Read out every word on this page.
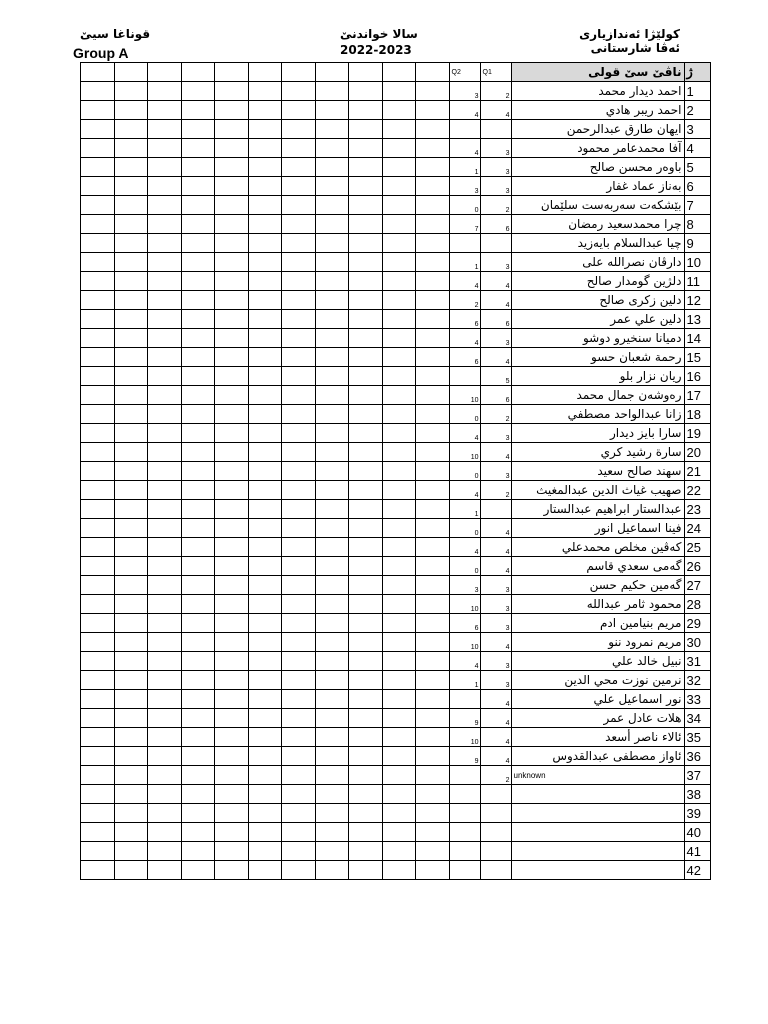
كولێژا ئەندازیاری
ئەڤا شارستانی
سالا خواندنێ
2022-2023
قوناغا سیێ
Group A
											Q2	Q1	ناڤێ سێ قولی	ژ
											3	2	احمد دیدار محمد	1
											4	4	احمد ریبر هادي	2
													ایهان طارق عبدالرحمن	3
											4	3	آفا محمدعامر محمود	4
											1	3	باوەر محسن صالح	5
											3	3	بەناز عماد غفار	6
											0	2	بێشکەت سەربەست سلێمان	7
											7	6	چرا محمدسعید رمضان	8
													چیا عبدالسلام بایەزید	9
											1	3	دارڤان نصرالله علی	10
											4	4	دلژین گومدار صالح	11
											2	4	دلین زکری صالح	12
											6	6	دلین علي عمر	13
											4	3	دمیانا سنخیرو دوشو	14
											6	4	رحمة شعبان حسو	15
												5	ریان نزار بلو	16
											10	6	رەوشەن جمال محمد	17
											0	2	زانا عبدالواحد مصطفي	18
											4	3	سارا بایز دیدار	19
											10	4	سارة رشید كري	20
											0	3	سهند صالح سعید	21
											4	2	صهیب غیاث الدین عبدالمغیث	22
											1		عبدالستار ابراهیم عبدالستار	23
											0	4	فینا اسماعیل انور	24
											4	4	کەڤین مخلص محمدعلي	25
											0	4	گەمی سعدي قاسم	26
											3	3	گەمین حكیم حسن	27
											10	3	محمود ثامر عبدالله	28
											6	3	مریم بنیامین ادم	29
											10	4	مریم نمرود ننو	30
											4	3	نبیل خالد علي	31
											1	3	نرمین نوزت محي الدین	32
												4	نور اسماعیل علي	33
											9	4	هلات عادل عمر	34
											10	4	ئالاء ناصر أسعد	35
											9	4	ئاواز مصطفى عبدالقدوس	36
												2	unknown	37
														38
														39
														40
														41
														42
